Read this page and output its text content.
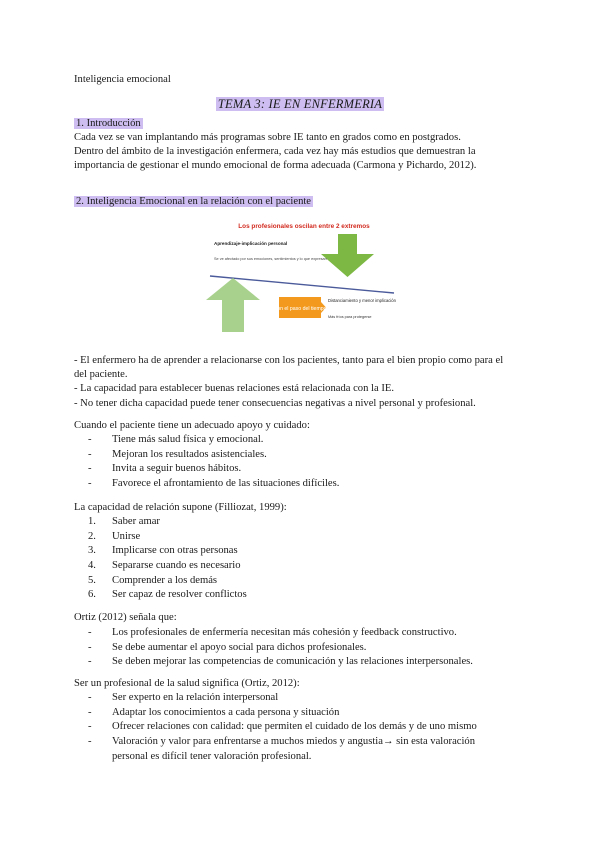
Inteligencia emocional
TEMA 3: IE EN ENFERMERIA
1. Introducción
Cada vez se van implantando más programas sobre IE tanto en grados como en postgrados.
Dentro del ámbito de la investigación enfermera, cada vez hay más estudios que demuestran la
importancia de gestionar el mundo emocional de forma adecuada (Carmona y Pichardo, 2012).
2. Inteligencia Emocional en la relación con el paciente
Los profesionales oscilan entre 2 extremos
Con el paso del tiempo
Aprendizaje-implicación personal
Se ve afectado por sus emociones, sentimientos y lo que expresan
Distanciamiento y menor implicación
Más fríos para protegerse
- El enfermero ha de aprender a relacionarse con los pacientes, tanto para el bien propio como para el
del paciente.
- La capacidad para establecer buenas relaciones está relacionada con la IE.
- No tener dicha capacidad puede tener consecuencias negativas a nivel personal y profesional.
Cuando el paciente tiene un adecuado apoyo y cuidado:
-	Tiene más salud física y emocional.
-	Mejoran los resultados asistenciales.
-	Invita a seguir buenos hábitos.
-	Favorece el afrontamiento de las situaciones difíciles.
La capacidad de relación supone (Filliozat, 1999):
1.	Saber amar
2.	Unirse
3.	Implicarse con otras personas
4.	Separarse cuando es necesario
5.	Comprender a los demás
6.	Ser capaz de resolver conflictos
Ortiz (2012) señala que:
-	Los profesionales de enfermería necesitan más cohesión y feedback constructivo.
-	Se debe aumentar el apoyo social para dichos profesionales.
-	Se deben mejorar las competencias de comunicación y las relaciones interpersonales.
Ser un profesional de la salud significa (Ortiz, 2012):
-	Ser experto en la relación interpersonal
-	Adaptar los conocimientos a cada persona y situación
-	Ofrecer relaciones con calidad: que permiten el cuidado de los demás y de uno mismo
-	Valoración y valor para enfrentarse a muchos miedos y angustia→ sin esta valoración
personal es difícil tener valoración profesional.
